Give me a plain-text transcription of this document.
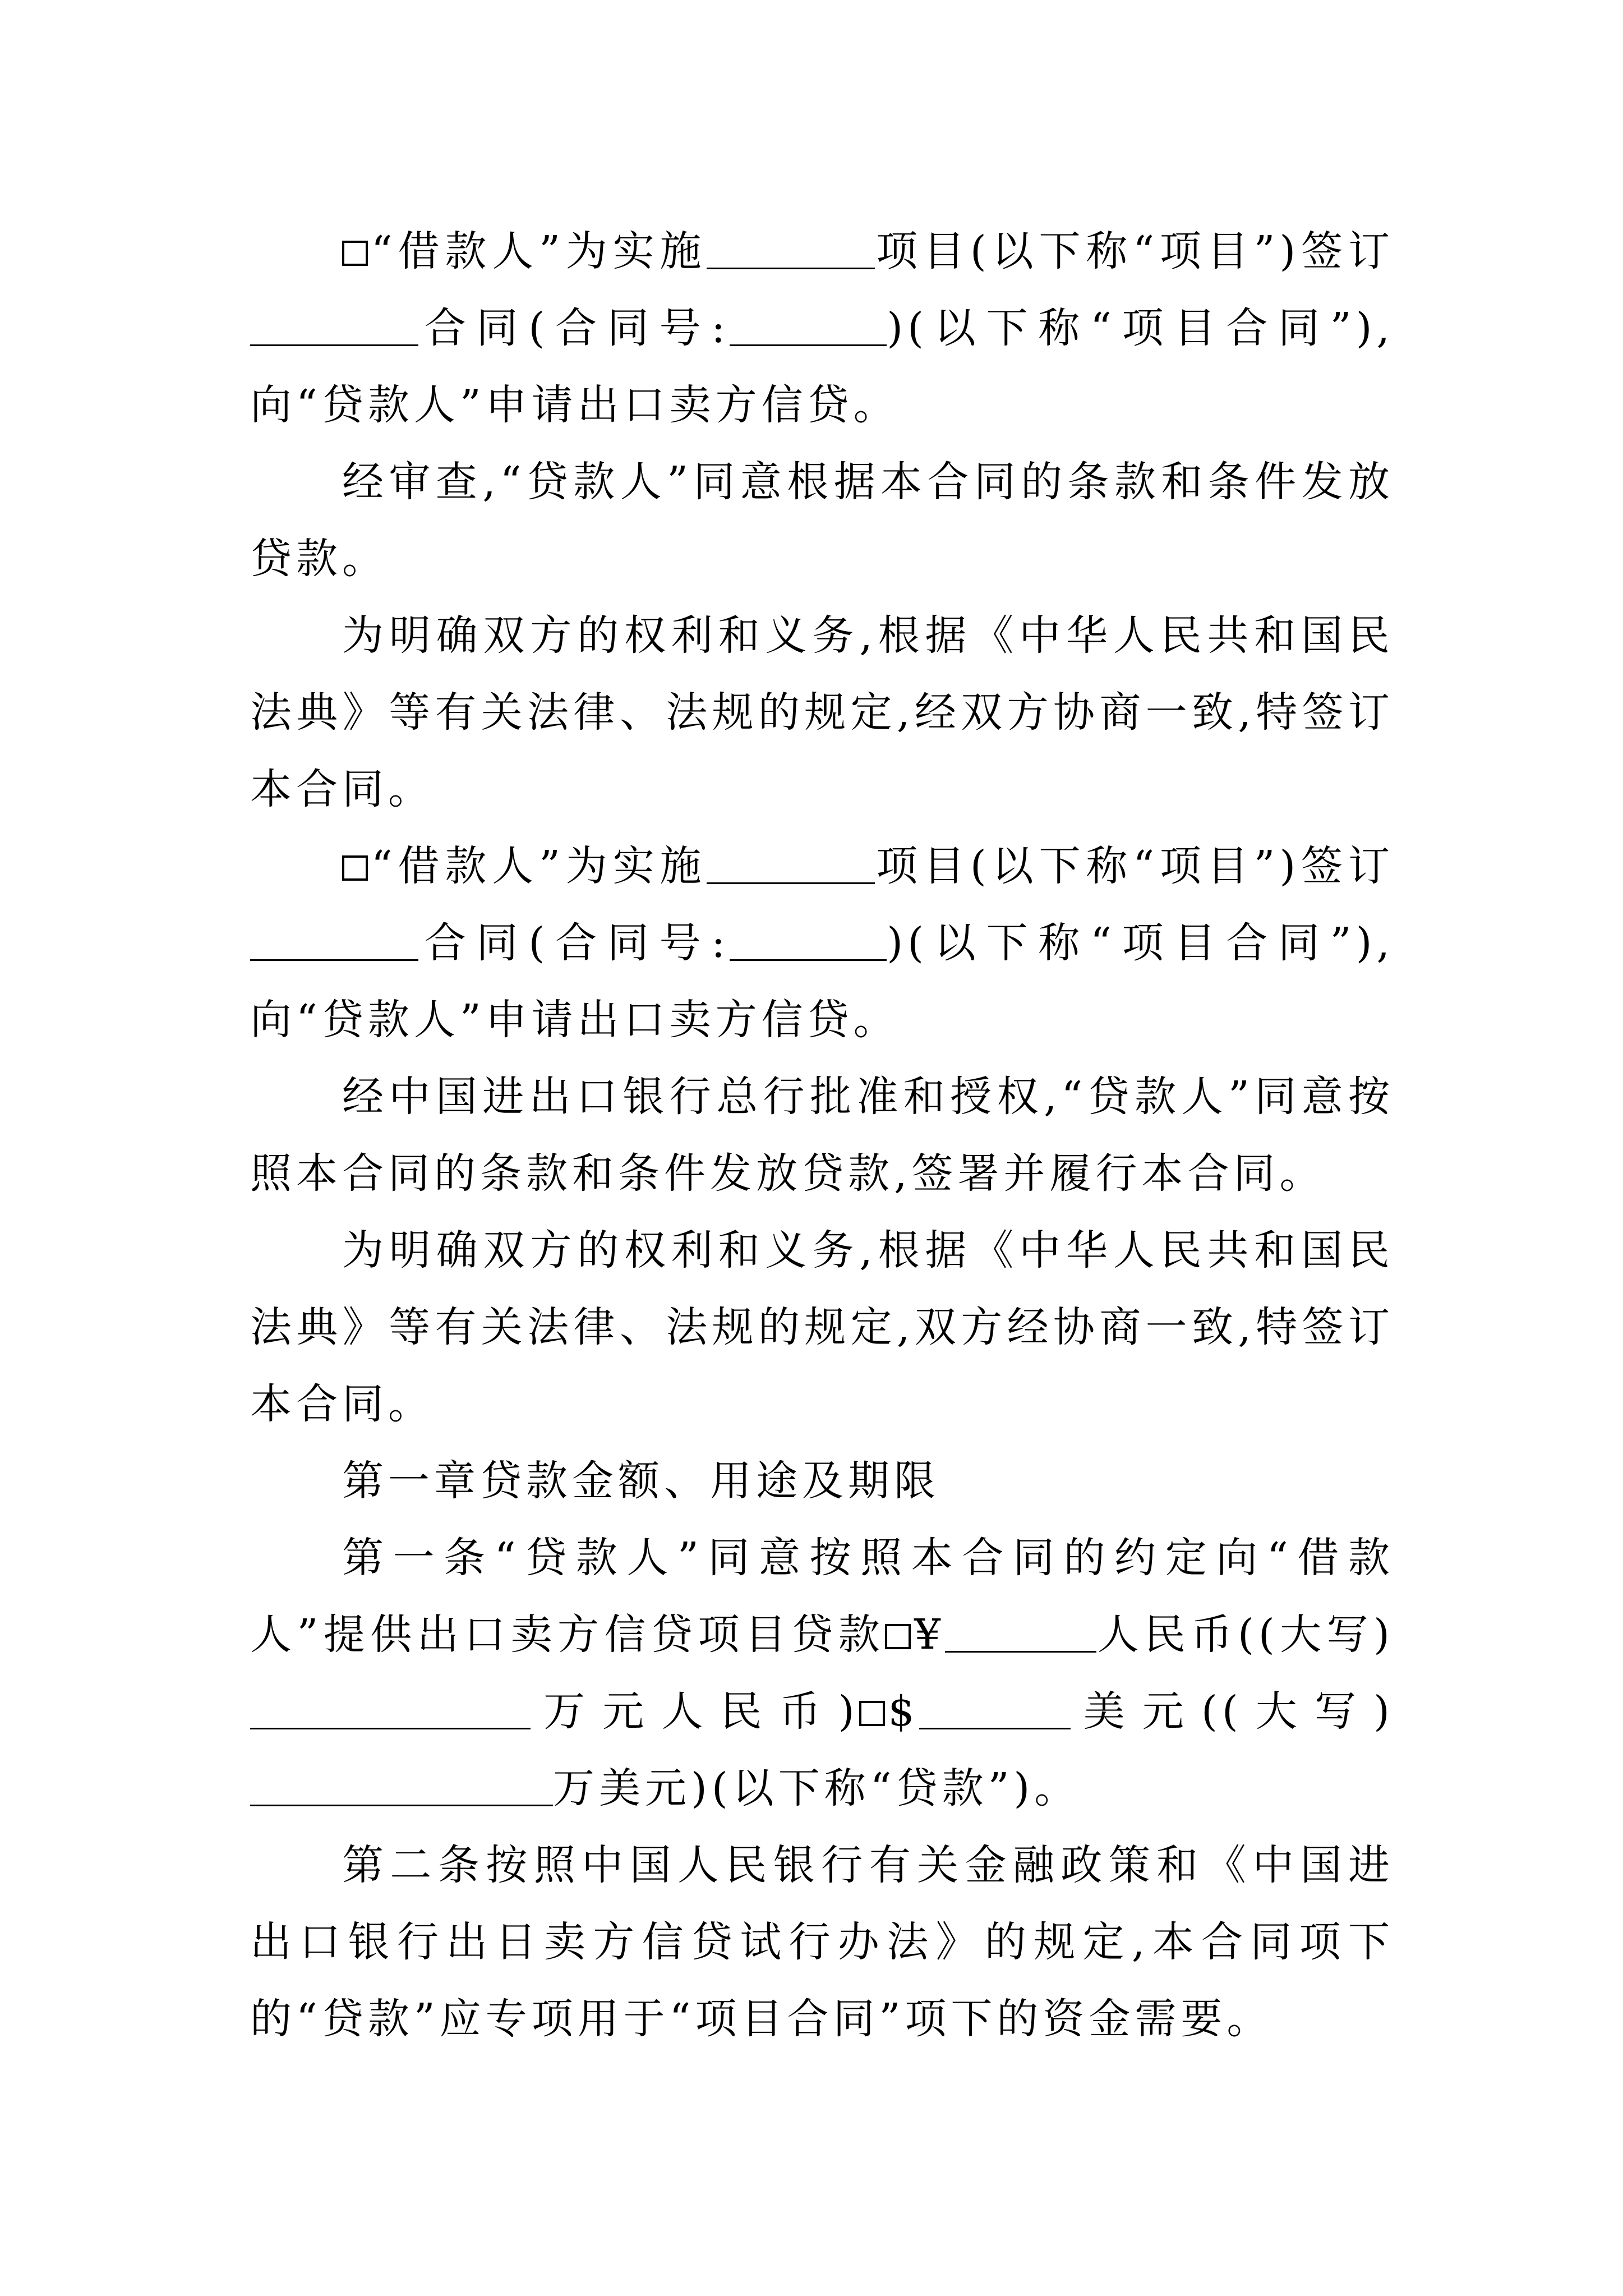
“借款人”为实施	项目(以下称“项目”)签订合同(合同号:	)(以下称“项目合同”),向“贷款人”申请出口卖方信贷。

经审查,“贷款人”同意根据本合同的条款和条件发放贷款。

为明确双方的权利和义务,根据《中华人民共和国民法典》等有关法律、法规的规定,经双方协商一致,特签订本合同。

“借款人”为实施	项目(以下称“项目”)签订合同(合同号:	)(以下称“项目合同”),向“贷款人”申请出口卖方信贷。

经中国进出口银行总行批准和授权,“贷款人”同意按照本合同的条款和条件发放贷款,签署并履行本合同。

为明确双方的权利和义务,根据《中华人民共和国民法典》等有关法律、法规的规定,双方经协商一致,特签订本合同。

第一章贷款金额、用途及期限

第一条“贷款人”同意按照本合同的约定向“借款人”提供出口卖方信贷项目贷款 ¥	人民币((大写)万元人民币) $	美元((大写)万美元)(以下称“贷款”)。

第二条按照中国人民银行有关金融政策和《中国进出口银行出日卖方信贷试行办法》的规定,本合同项下的“贷款”应专项用于“项目合同”项下的资金需要。
